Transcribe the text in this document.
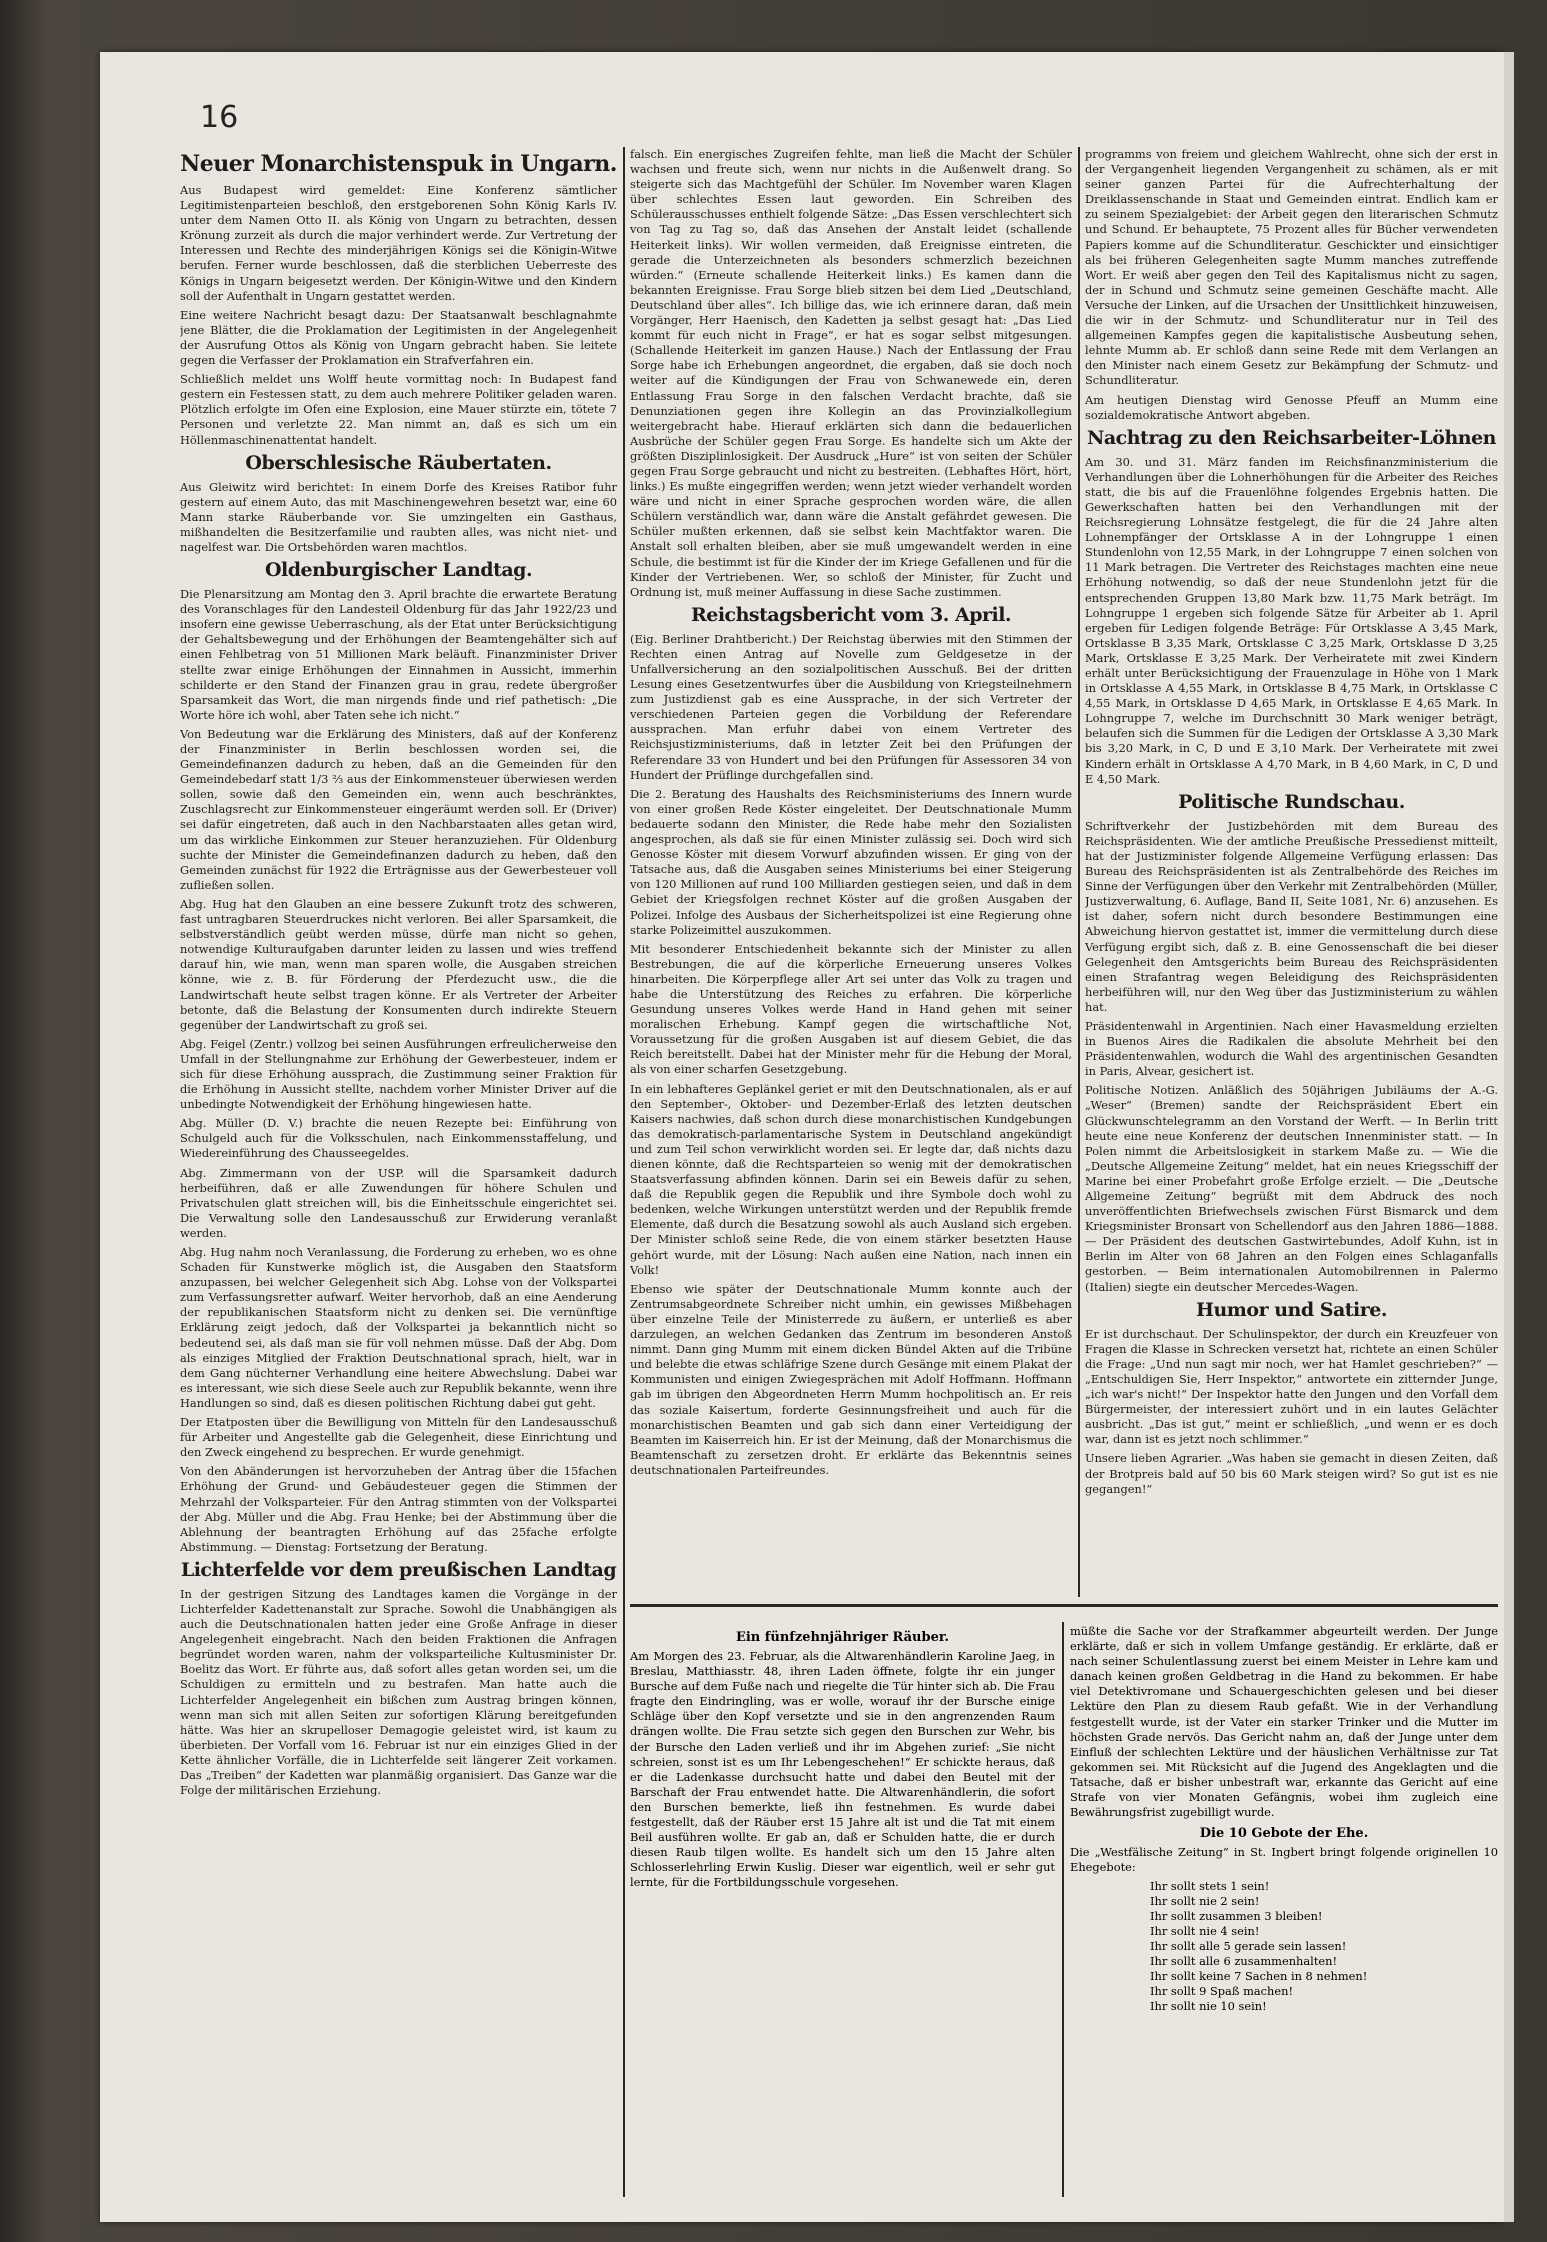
16
Neuer Monarchistenspuk in Ungarn.

Aus Budapest wird gemeldet: Eine Konferenz sämtlicher Legitimistenparteien beschloß, den erstgeborenen Sohn König Karls IV. unter dem Namen Otto II. als König von Ungarn zu betrachten, dessen Krönung zurzeit als durch die major verhindert werde. Zur Vertretung der Interessen und Rechte des minderjährigen Königs sei die Königin-Witwe berufen. Ferner wurde beschlossen, daß die sterblichen Ueberreste des Königs in Ungarn beigesetzt werden. Der Königin-Witwe und den Kindern soll der Aufenthalt in Ungarn gestattet werden.

Eine weitere Nachricht besagt dazu: Der Staatsanwalt beschlagnahmte jene Blätter, die die Proklamation der Legitimisten in der Angelegenheit der Ausrufung Ottos als König von Ungarn gebracht haben. Sie leitete gegen die Verfasser der Proklamation ein Strafverfahren ein.

Schließlich meldet uns Wolff heute vormittag noch: In Budapest fand gestern ein Festessen statt, zu dem auch mehrere Politiker geladen waren. Plötzlich erfolgte im Ofen eine Explosion, eine Mauer stürzte ein, tötete 7 Personen und verletzte 22. Man nimmt an, daß es sich um ein Höllenmaschinenattentat handelt.

Oberschlesische Räubertaten.

Aus Gleiwitz wird berichtet: In einem Dorfe des Kreises Ratibor fuhr gestern auf einem Auto, das mit Maschinengewehren besetzt war, eine 60 Mann starke Räuberbande vor. Sie umzingelten ein Gasthaus, mißhandelten die Besitzerfamilie und raubten alles, was nicht niet- und nagelfest war. Die Ortsbehörden waren machtlos.

Oldenburgischer Landtag.

Die Plenarsitzung am Montag den 3. April brachte die erwartete Beratung des Voranschlages für den Landesteil Oldenburg für das Jahr 1922/23 und insofern eine gewisse Ueberraschung, als der Etat unter Berücksichtigung der Gehaltsbewegung und der Erhöhungen der Beamtengehälter sich auf einen Fehlbetrag von 51 Millionen Mark beläuft. Finanzminister Driver stellte zwar einige Erhöhungen der Einnahmen in Aussicht, immerhin schilderte er den Stand der Finanzen grau in grau, redete übergroßer Sparsamkeit das Wort, die man nirgends finde und rief pathetisch: „Die Worte höre ich wohl, aber Taten sehe ich nicht.“

Von Bedeutung war die Erklärung des Ministers, daß auf der Konferenz der Finanzminister in Berlin beschlossen worden sei, die Gemeindefinanzen dadurch zu heben, daß an die Gemeinden für den Gemeindebedarf statt 1/3 ⅔ aus der Einkommensteuer überwiesen werden sollen, sowie daß den Gemeinden ein, wenn auch beschränktes, Zuschlagsrecht zur Einkommensteuer eingeräumt werden soll. Er (Driver) sei dafür eingetreten, daß auch in den Nachbarstaaten alles getan wird, um das wirkliche Einkommen zur Steuer heranzuziehen. Für Oldenburg suchte der Minister die Gemeindefinanzen dadurch zu heben, daß den Gemeinden zunächst für 1922 die Erträgnisse aus der Gewerbesteuer voll zufließen sollen.

Abg. Hug hat den Glauben an eine bessere Zukunft trotz des schweren, fast untragbaren Steuerdruckes nicht verloren. Bei aller Sparsamkeit, die selbstverständlich geübt werden müsse, dürfe man nicht so gehen, notwendige Kulturaufgaben darunter leiden zu lassen und wies treffend darauf hin, wie man, wenn man sparen wolle, die Ausgaben streichen könne, wie z. B. für Förderung der Pferdezucht usw., die die Landwirtschaft heute selbst tragen könne. Er als Vertreter der Arbeiter betonte, daß die Belastung der Konsumenten durch indirekte Steuern gegenüber der Landwirtschaft zu groß sei.

Abg. Feigel (Zentr.) vollzog bei seinen Ausführungen erfreulicherweise den Umfall in der Stellungnahme zur Erhöhung der Gewerbesteuer, indem er sich für diese Erhöhung aussprach, die Zustimmung seiner Fraktion für die Erhöhung in Aussicht stellte, nachdem vorher Minister Driver auf die unbedingte Notwendigkeit der Erhöhung hingewiesen hatte.

Abg. Müller (D. V.) brachte die neuen Rezepte bei: Einführung von Schulgeld auch für die Volksschulen, nach Einkommensstaffelung, und Wiedereinführung des Chausseegeldes.

Abg. Zimmermann von der USP. will die Sparsamkeit dadurch herbeiführen, daß er alle Zuwendungen für höhere Schulen und Privatschulen glatt streichen will, bis die Einheitsschule eingerichtet sei. Die Verwaltung solle den Landesausschuß zur Erwiderung veranlaßt werden.

Abg. Hug nahm noch Veranlassung, die Forderung zu erheben, wo es ohne Schaden für Kunstwerke möglich ist, die Ausgaben den Staatsform anzupassen, bei welcher Gelegenheit sich Abg. Lohse von der Volkspartei zum Verfassungsretter aufwarf. Weiter hervorhob, daß an eine Aenderung der republikanischen Staatsform nicht zu denken sei. Die vernünftige Erklärung zeigt jedoch, daß der Volkspartei ja bekanntlich nicht so bedeutend sei, als daß man sie für voll nehmen müsse. Daß der Abg. Dom als einziges Mitglied der Fraktion Deutschnational sprach, hielt, war in dem Gang nüchterner Verhandlung eine heitere Abwechslung. Dabei war es interessant, wie sich diese Seele auch zur Republik bekannte, wenn ihre Handlungen so sind, daß es diesen politischen Richtung dabei gut geht.

Der Etatposten über die Bewilligung von Mitteln für den Landesausschuß für Arbeiter und Angestellte gab die Gelegenheit, diese Einrichtung und den Zweck eingehend zu besprechen. Er wurde genehmigt.

Von den Abänderungen ist hervorzuheben der Antrag über die 15fachen Erhöhung der Grund- und Gebäudesteuer gegen die Stimmen der Mehrzahl der Volksparteier. Für den Antrag stimmten von der Volkspartei der Abg. Müller und die Abg. Frau Henke; bei der Abstimmung über die Ablehnung der beantragten Erhöhung auf das 25fache erfolgte Abstimmung. — Dienstag: Fortsetzung der Beratung.

Lichterfelde vor dem preußischen Landtag

In der gestrigen Sitzung des Landtages kamen die Vorgänge in der Lichterfelder Kadettenanstalt zur Sprache. Sowohl die Unabhängigen als auch die Deutschnationalen hatten jeder eine Große Anfrage in dieser Angelegenheit eingebracht. Nach den beiden Fraktionen die Anfragen begründet worden waren, nahm der volksparteiliche Kultusminister Dr. Boelitz das Wort. Er führte aus, daß sofort alles getan worden sei, um die Schuldigen zu ermitteln und zu bestrafen. Man hatte auch die Lichterfelder Angelegenheit ein bißchen zum Austrag bringen können, wenn man sich mit allen Seiten zur sofortigen Klärung bereitgefunden hätte. Was hier an skrupelloser Demagogie geleistet wird, ist kaum zu überbieten. Der Vorfall vom 16. Februar ist nur ein einziges Glied in der Kette ähnlicher Vorfälle, die in Lichterfelde seit längerer Zeit vorkamen. Das „Treiben“ der Kadetten war planmäßig organisiert. Das Ganze war die Folge der militärischen Erziehung.

falsch. Ein energisches Zugreifen fehlte, man ließ die Macht der Schüler wachsen und freute sich, wenn nur nichts in die Außenwelt drang. So steigerte sich das Machtgefühl der Schüler. Im November waren Klagen über schlechtes Essen laut geworden. Ein Schreiben des Schülerausschusses enthielt folgende Sätze: „Das Essen verschlechtert sich von Tag zu Tag so, daß das Ansehen der Anstalt leidet (schallende Heiterkeit links). Wir wollen vermeiden, daß Ereignisse eintreten, die gerade die Unterzeichneten als besonders schmerzlich bezeichnen würden.“ (Erneute schallende Heiterkeit links.) Es kamen dann die bekannten Ereignisse. Frau Sorge blieb sitzen bei dem Lied „Deutschland, Deutschland über alles“. Ich billige das, wie ich erinnere daran, daß mein Vorgänger, Herr Haenisch, den Kadetten ja selbst gesagt hat: „Das Lied kommt für euch nicht in Frage“, er hat es sogar selbst mitgesungen. (Schallende Heiterkeit im ganzen Hause.) Nach der Entlassung der Frau Sorge habe ich Erhebungen angeordnet, die ergaben, daß sie doch noch weiter auf die Kündigungen der Frau von Schwanewede ein, deren Entlassung Frau Sorge in den falschen Verdacht brachte, daß sie Denunziationen gegen ihre Kollegin an das Provinzialkollegium weitergebracht habe. Hierauf erklärten sich dann die bedauerlichen Ausbrüche der Schüler gegen Frau Sorge. Es handelte sich um Akte der größten Disziplinlosigkeit. Der Ausdruck „Hure“ ist von seiten der Schüler gegen Frau Sorge gebraucht und nicht zu bestreiten. (Lebhaftes Hört, hört, links.) Es mußte eingegriffen werden; wenn jetzt wieder verhandelt worden wäre und nicht in einer Sprache gesprochen worden wäre, die allen Schülern verständlich war, dann wäre die Anstalt gefährdet gewesen. Die Schüler mußten erkennen, daß sie selbst kein Machtfaktor waren. Die Anstalt soll erhalten bleiben, aber sie muß umgewandelt werden in eine Schule, die bestimmt ist für die Kinder der im Kriege Gefallenen und für die Kinder der Vertriebenen. Wer, so schloß der Minister, für Zucht und Ordnung ist, muß meiner Auffassung in diese Sache zustimmen.

Reichstagsbericht vom 3. April.

(Eig. Berliner Drahtbericht.) Der Reichstag überwies mit den Stimmen der Rechten einen Antrag auf Novelle zum Geldgesetze in der Unfallversicherung an den sozialpolitischen Ausschuß. Bei der dritten Lesung eines Gesetzentwurfes über die Ausbildung von Kriegsteilnehmern zum Justizdienst gab es eine Aussprache, in der sich Vertreter der verschiedenen Parteien gegen die Vorbildung der Referendare aussprachen. Man erfuhr dabei von einem Vertreter des Reichsjustizministeriums, daß in letzter Zeit bei den Prüfungen der Referendare 33 von Hundert und bei den Prüfungen für Assessoren 34 von Hundert der Prüflinge durchgefallen sind.

Die 2. Beratung des Haushalts des Reichsministeriums des Innern wurde von einer großen Rede Köster eingeleitet. Der Deutschnationale Mumm bedauerte sodann den Minister, die Rede habe mehr den Sozialisten angesprochen, als daß sie für einen Minister zulässig sei. Doch wird sich Genosse Köster mit diesem Vorwurf abzufinden wissen. Er ging von der Tatsache aus, daß die Ausgaben seines Ministeriums bei einer Steigerung von 120 Millionen auf rund 100 Milliarden gestiegen seien, und daß in dem Gebiet der Kriegsfolgen rechnet Köster auf die großen Ausgaben der Polizei. Infolge des Ausbaus der Sicherheitspolizei ist eine Regierung ohne starke Polizeimittel auszukommen.

Mit besonderer Entschiedenheit bekannte sich der Minister zu allen Bestrebungen, die auf die körperliche Erneuerung unseres Volkes hinarbeiten. Die Körperpflege aller Art sei unter das Volk zu tragen und habe die Unterstützung des Reiches zu erfahren. Die körperliche Gesundung unseres Volkes werde Hand in Hand gehen mit seiner moralischen Erhebung. Kampf gegen die wirtschaftliche Not, Voraussetzung für die großen Ausgaben ist auf diesem Gebiet, die das Reich bereitstellt. Dabei hat der Minister mehr für die Hebung der Moral, als von einer scharfen Gesetzgebung.

In ein lebhafteres Geplänkel geriet er mit den Deutschnationalen, als er auf den September-, Oktober- und Dezember-Erlaß des letzten deutschen Kaisers nachwies, daß schon durch diese monarchistischen Kundgebungen das demokratisch-parlamentarische System in Deutschland angekündigt und zum Teil schon verwirklicht worden sei. Er legte dar, daß nichts dazu dienen könnte, daß die Rechtsparteien so wenig mit der demokratischen Staatsverfassung abfinden können. Darin sei ein Beweis dafür zu sehen, daß die Republik gegen die Republik und ihre Symbole doch wohl zu bedenken, welche Wirkungen unterstützt werden und der Republik fremde Elemente, daß durch die Besatzung sowohl als auch Ausland sich ergeben. Der Minister schloß seine Rede, die von einem stärker besetzten Hause gehört wurde, mit der Lösung: Nach außen eine Nation, nach innen ein Volk!

Ebenso wie später der Deutschnationale Mumm konnte auch der Zentrumsabgeordnete Schreiber nicht umhin, ein gewisses Mißbehagen über einzelne Teile der Ministerrede zu äußern, er unterließ es aber darzulegen, an welchen Gedanken das Zentrum im besonderen Anstoß nimmt. Dann ging Mumm mit einem dicken Bündel Akten auf die Tribüne und belebte die etwas schläfrige Szene durch Gesänge mit einem Plakat der Kommunisten und einigen Zwiegesprächen mit Adolf Hoffmann. Hoffmann gab im übrigen den Abgeordneten Herrn Mumm hochpolitisch an. Er reis das soziale Kaisertum, forderte Gesinnungsfreiheit und auch für die monarchistischen Beamten und gab sich dann einer Verteidigung der Beamten im Kaiserreich hin. Er ist der Meinung, daß der Monarchismus die Beamtenschaft zu zersetzen droht. Er erklärte das Bekenntnis seines deutschnationalen Parteifreundes.

programms von freiem und gleichem Wahlrecht, ohne sich der erst in der Vergangenheit liegenden Vergangenheit zu schämen, als er mit seiner ganzen Partei für die Aufrechterhaltung der Dreiklassenschande in Staat und Gemeinden eintrat. Endlich kam er zu seinem Spezialgebiet: der Arbeit gegen den literarischen Schmutz und Schund. Er behauptete, 75 Prozent alles für Bücher verwendeten Papiers komme auf die Schundliteratur. Geschickter und einsichtiger als bei früheren Gelegenheiten sagte Mumm manches zutreffende Wort. Er weiß aber gegen den Teil des Kapitalismus nicht zu sagen, der in Schund und Schmutz seine gemeinen Geschäfte macht. Alle Versuche der Linken, auf die Ursachen der Unsittlichkeit hinzuweisen, die wir in der Schmutz- und Schundliteratur nur in Teil des allgemeinen Kampfes gegen die kapitalistische Ausbeutung sehen, lehnte Mumm ab. Er schloß dann seine Rede mit dem Verlangen an den Minister nach einem Gesetz zur Bekämpfung der Schmutz- und Schundliteratur.

Am heutigen Dienstag wird Genosse Pfeuff an Mumm eine sozialdemokratische Antwort abgeben.

Nachtrag zu den Reichsarbeiter-Löhnen

Am 30. und 31. März fanden im Reichsfinanzministerium die Verhandlungen über die Lohnerhöhungen für die Arbeiter des Reiches statt, die bis auf die Frauenlöhne folgendes Ergebnis hatten. Die Gewerkschaften hatten bei den Verhandlungen mit der Reichsregierung Lohnsätze festgelegt, die für die 24 Jahre alten Lohnempfänger der Ortsklasse A in der Lohngruppe 1 einen Stundenlohn von 12,55 Mark, in der Lohngruppe 7 einen solchen von 11 Mark betragen. Die Vertreter des Reichstages machten eine neue Erhöhung notwendig, so daß der neue Stundenlohn jetzt für die entsprechenden Gruppen 13,80 Mark bzw. 11,75 Mark beträgt. Im Lohngruppe 1 ergeben sich folgende Sätze für Arbeiter ab 1. April ergeben für Ledigen folgende Beträge: Für Ortsklasse A 3,45 Mark, Ortsklasse B 3,35 Mark, Ortsklasse C 3,25 Mark, Ortsklasse D 3,25 Mark, Ortsklasse E 3,25 Mark. Der Verheiratete mit zwei Kindern erhält unter Berücksichtigung der Frauenzulage in Höhe von 1 Mark in Ortsklasse A 4,55 Mark, in Ortsklasse B 4,75 Mark, in Ortsklasse C 4,55 Mark, in Ortsklasse D 4,65 Mark, in Ortsklasse E 4,65 Mark. In Lohngruppe 7, welche im Durchschnitt 30 Mark weniger beträgt, belaufen sich die Summen für die Ledigen der Ortsklasse A 3,30 Mark bis 3,20 Mark, in C, D und E 3,10 Mark. Der Verheiratete mit zwei Kindern erhält in Ortsklasse A 4,70 Mark, in B 4,60 Mark, in C, D und E 4,50 Mark.

Politische Rundschau.

Schriftverkehr der Justizbehörden mit dem Bureau des Reichspräsidenten. Wie der amtliche Preußische Pressedienst mitteilt, hat der Justizminister folgende Allgemeine Verfügung erlassen: Das Bureau des Reichspräsidenten ist als Zentralbehörde des Reiches im Sinne der Verfügungen über den Verkehr mit Zentralbehörden (Müller, Justizverwaltung, 6. Auflage, Band II, Seite 1081, Nr. 6) anzusehen. Es ist daher, sofern nicht durch besondere Bestimmungen eine Abweichung hiervon gestattet ist, immer die vermittelung durch diese Verfügung ergibt sich, daß z. B. eine Genossenschaft die bei dieser Gelegenheit den Amtsgerichts beim Bureau des Reichspräsidenten einen Strafantrag wegen Beleidigung des Reichspräsidenten herbeiführen will, nur den Weg über das Justizministerium zu wählen hat.

Präsidentenwahl in Argentinien. Nach einer Havasmeldung erzielten in Buenos Aires die Radikalen die absolute Mehrheit bei den Präsidentenwahlen, wodurch die Wahl des argentinischen Gesandten in Paris, Alvear, gesichert ist.

Politische Notizen. Anläßlich des 50jährigen Jubiläums der A.-G. „Weser“ (Bremen) sandte der Reichspräsident Ebert ein Glückwunschtelegramm an den Vorstand der Werft. — In Berlin tritt heute eine neue Konferenz der deutschen Innenminister statt. — In Polen nimmt die Arbeitslosigkeit in starkem Maße zu. — Wie die „Deutsche Allgemeine Zeitung“ meldet, hat ein neues Kriegsschiff der Marine bei einer Probefahrt große Erfolge erzielt. — Die „Deutsche Allgemeine Zeitung“ begrüßt mit dem Abdruck des noch unveröffentlichten Briefwechsels zwischen Fürst Bismarck und dem Kriegsminister Bronsart von Schellendorf aus den Jahren 1886—1888. — Der Präsident des deutschen Gastwirtebundes, Adolf Kuhn, ist in Berlin im Alter von 68 Jahren an den Folgen eines Schlaganfalls gestorben. — Beim internationalen Automobilrennen in Palermo (Italien) siegte ein deutscher Mercedes-Wagen.

Humor und Satire.

Er ist durchschaut. Der Schulinspektor, der durch ein Kreuzfeuer von Fragen die Klasse in Schrecken versetzt hat, richtete an einen Schüler die Frage: „Und nun sagt mir noch, wer hat Hamlet geschrieben?“ — „Entschuldigen Sie, Herr Inspektor,“ antwortete ein zitternder Junge, „ich war's nicht!“ Der Inspektor hatte den Jungen und den Vorfall dem Bürgermeister, der interessiert zuhört und in ein lautes Gelächter ausbricht. „Das ist gut,“ meint er schließlich, „und wenn er es doch war, dann ist es jetzt noch schlimmer.“

Unsere lieben Agrarier. „Was haben sie gemacht in diesen Zeiten, daß der Brotpreis bald auf 50 bis 60 Mark steigen wird? So gut ist es nie gegangen!“

Ein fünfzehnjähriger Räuber.

Am Morgen des 23. Februar, als die Altwarenhändlerin Karoline Jaeg, in Breslau, Matthiasstr. 48, ihren Laden öffnete, folgte ihr ein junger Bursche auf dem Fuße nach und riegelte die Tür hinter sich ab. Die Frau fragte den Eindringling, was er wolle, worauf ihr der Bursche einige Schläge über den Kopf versetzte und sie in den angrenzenden Raum drängen wollte. Die Frau setzte sich gegen den Burschen zur Wehr, bis der Bursche den Laden verließ und ihr im Abgehen zurief: „Sie nicht schreien, sonst ist es um Ihr Lebengeschehen!“ Er schickte heraus, daß er die Ladenkasse durchsucht hatte und dabei den Beutel mit der Barschaft der Frau entwendet hatte. Die Altwarenhändlerin, die sofort den Burschen bemerkte, ließ ihn festnehmen. Es wurde dabei festgestellt, daß der Räuber erst 15 Jahre alt ist und die Tat mit einem Beil ausführen wollte. Er gab an, daß er Schulden hatte, die er durch diesen Raub tilgen wollte. Es handelt sich um den 15 Jahre alten Schlosserlehrling Erwin Kuslig. Dieser war eigentlich, weil er sehr gut lernte, für die Fortbildungsschule vorgesehen.

müßte die Sache vor der Strafkammer abgeurteilt werden. Der Junge erklärte, daß er sich in vollem Umfange geständig. Er erklärte, daß er nach seiner Schulentlassung zuerst bei einem Meister in Lehre kam und danach keinen großen Geldbetrag in die Hand zu bekommen. Er habe viel Detektivromane und Schauergeschichten gelesen und bei dieser Lektüre den Plan zu diesem Raub gefaßt. Wie in der Verhandlung festgestellt wurde, ist der Vater ein starker Trinker und die Mutter im höchsten Grade nervös. Das Gericht nahm an, daß der Junge unter dem Einfluß der schlechten Lektüre und der häuslichen Verhältnisse zur Tat gekommen sei. Mit Rücksicht auf die Jugend des Angeklagten und die Tatsache, daß er bisher unbestraft war, erkannte das Gericht auf eine Strafe von vier Monaten Gefängnis, wobei ihm zugleich eine Bewährungsfrist zugebilligt wurde.

Die 10 Gebote der Ehe.

Die „Westfälische Zeitung“ in St. Ingbert bringt folgende originellen 10 Ehegebote:

Ihr sollt stets 1 sein!
Ihr sollt nie 2 sein!
Ihr sollt zusammen 3 bleiben!
Ihr sollt nie 4 sein!
Ihr sollt alle 5 gerade sein lassen!
Ihr sollt alle 6 zusammenhalten!
Ihr sollt keine 7 Sachen in 8 nehmen!
Ihr sollt 9 Spaß machen!
Ihr sollt nie 10 sein!
